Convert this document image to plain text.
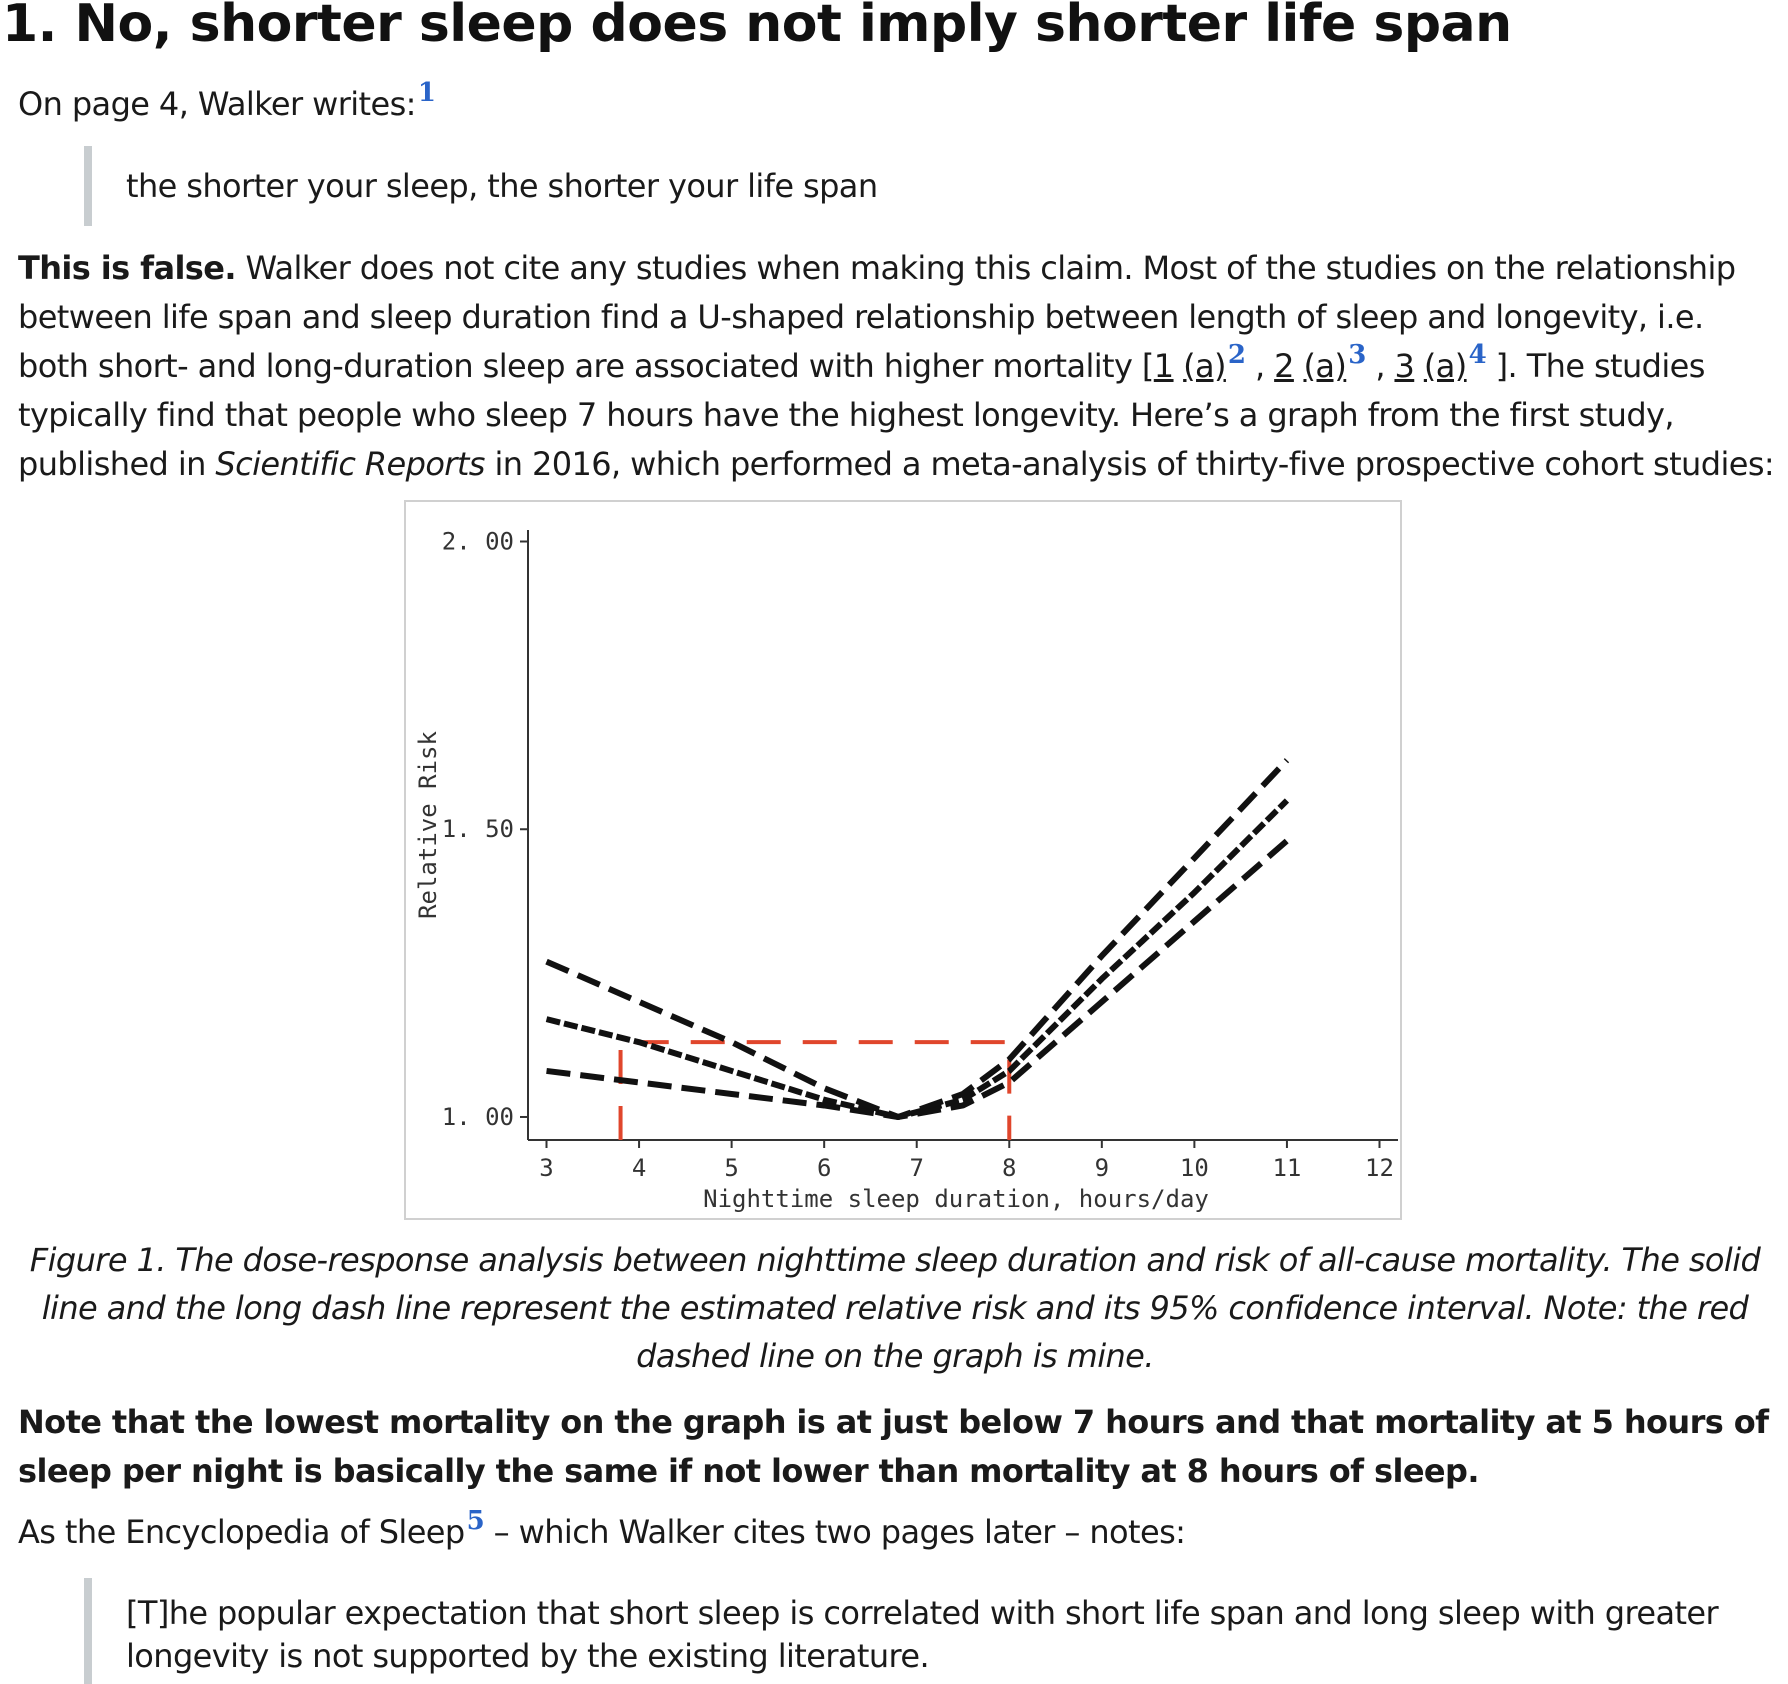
1. No, shorter sleep does not imply shorter life span

On page 4, Walker writes:$^1$

the shorter your sleep, the shorter your life span

This is false. Walker does not cite any studies when making this claim. Most of the studies on the relationship between life span and sleep duration find a U-shaped relationship between length of sleep and longevity, i.e. both short- and long-duration sleep are associated with higher mortality [1 (a)$^2$ , 2 (a)$^3$ , 3 (a)$^4$ ]. The studies typically find that people who sleep 7 hours have the highest longevity. Here’s a graph from the first study, published in Scientific Reports in 2016, which performed a meta-analysis of thirty-five prospective cohort studies:

3	4	5	6	7	8	9	10	11	12
1. 00
1. 50
2. 00
Nighttime sleep duration, hours/day
Relative Risk

Figure 1. The dose-response analysis between nighttime sleep duration and risk of all-cause mortality. The solid line and the long dash line represent the estimated relative risk and its 95% confidence interval. Note: the red dashed line on the graph is mine.

Note that the lowest mortality on the graph is at just below 7 hours and that mortality at 5 hours of sleep per night is basically the same if not lower than mortality at 8 hours of sleep.

As the Encyclopedia of Sleep$^5$ – which Walker cites two pages later – notes:

[T]he popular expectation that short sleep is correlated with short life span and long sleep with greater longevity is not supported by the existing literature.
